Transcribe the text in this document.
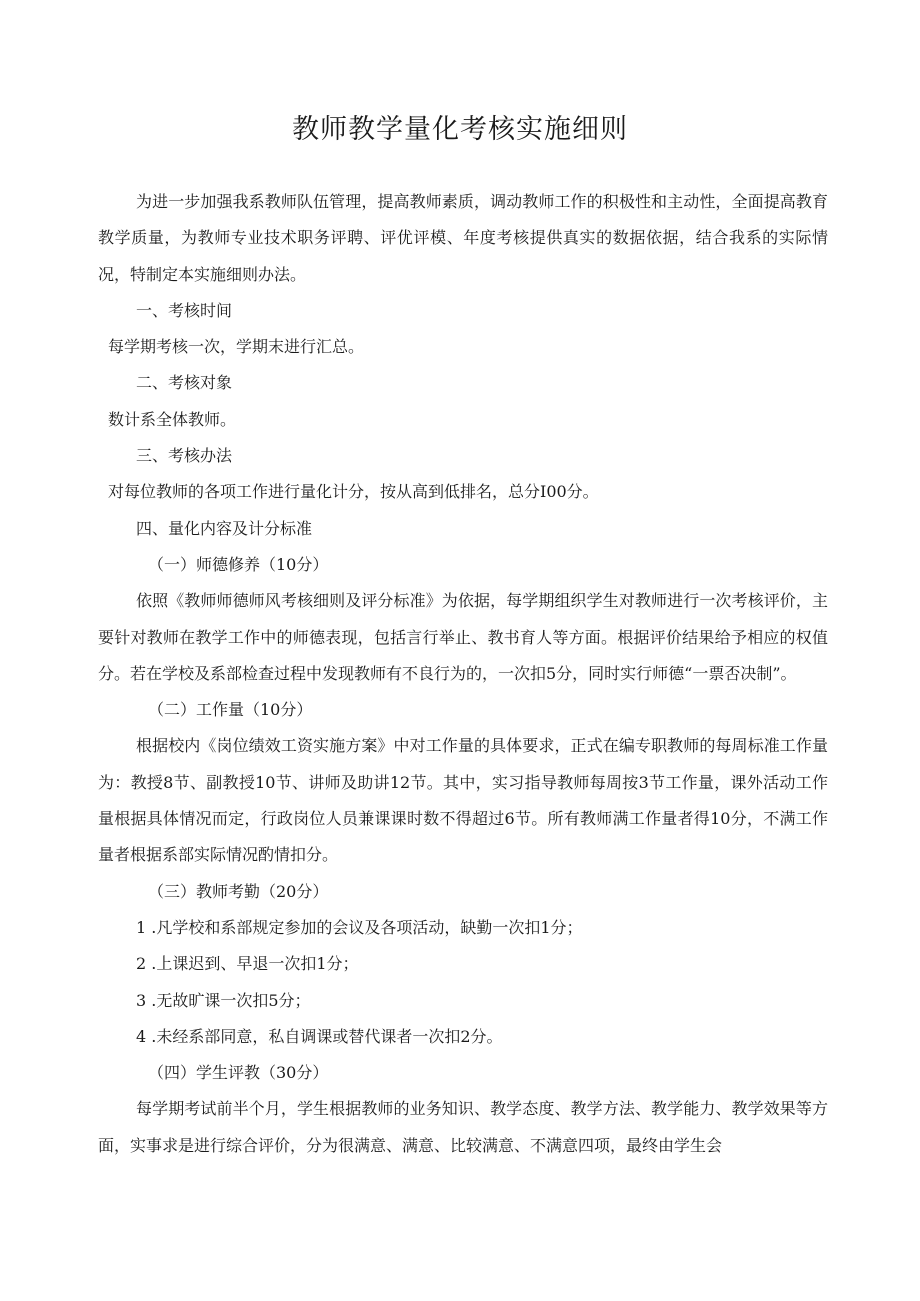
教师教学量化考核实施细则

为进一步加强我系教师队伍管理，提高教师素质，调动教师工作的积极性和主动性，全面提高教育教学质量，为教师专业技术职务评聘、评优评模、年度考核提供真实的数据依据，结合我系的实际情况，特制定本实施细则办法。

一、考核时间

每学期考核一次，学期末进行汇总。

二、考核对象

数计系全体教师。

三、考核办法

对每位教师的各项工作进行量化计分，按从高到低排名，总分I00分。

四、量化内容及计分标准

（一）师德修养（10分）

依照《教师师德师风考核细则及评分标准》为依据，每学期组织学生对教师进行一次考核评价，主要针对教师在教学工作中的师德表现，包括言行举止、教书育人等方面。根据评价结果给予相应的权值分。若在学校及系部检查过程中发现教师有不良行为的，一次扣5分，同时实行师德“一票否决制”。

（二）工作量（10分）

根据校内《岗位绩效工资实施方案》中对工作量的具体要求，正式在编专职教师的每周标准工作量为：教授8节、副教授10节、讲师及助讲12节。其中，实习指导教师每周按3节工作量，课外活动工作量根据具体情况而定，行政岗位人员兼课课时数不得超过6节。所有教师满工作量者得10分，不满工作量者根据系部实际情况酌情扣分。

（三）教师考勤（20分）

1 .凡学校和系部规定参加的会议及各项活动，缺勤一次扣1分；

2 .上课迟到、早退一次扣1分；

3 .无故旷课一次扣5分；

4 .未经系部同意，私自调课或替代课者一次扣2分。

（四）学生评教（30分）

每学期考试前半个月，学生根据教师的业务知识、教学态度、教学方法、教学能力、教学效果等方面，实事求是进行综合评价，分为很满意、满意、比较满意、不满意四项，最终由学生会
